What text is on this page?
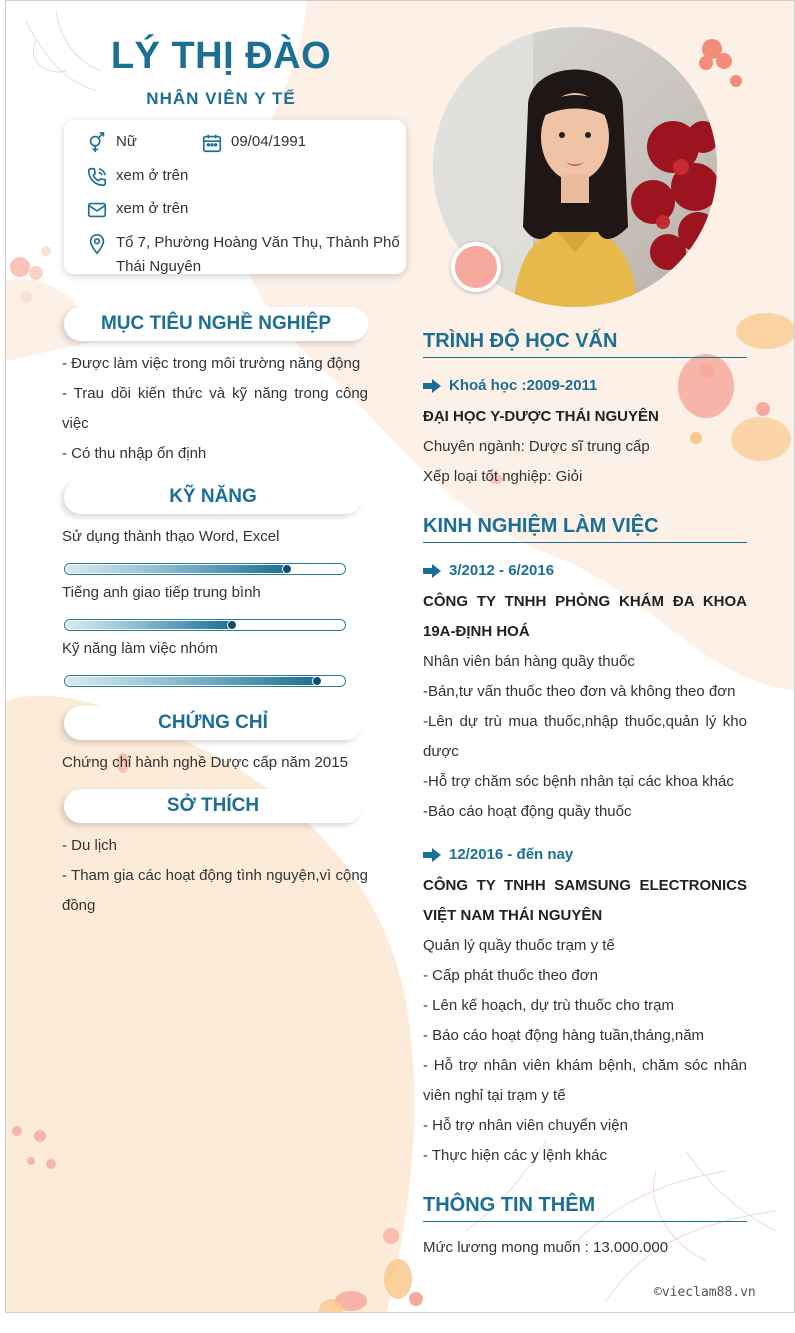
LÝ THỊ ĐÀO
NHÂN VIÊN Y TẾ
Nữ	09/04/1991
xem ở trên
xem ở trên
Tổ 7, Phường Hoàng Văn Thụ, Thành Phố Thái Nguyên
MỤC TIÊU NGHỀ NGHIỆP
- Được làm việc trong môi trường năng động
- Trau dồi kiến thức và kỹ năng trong công việc
- Có thu nhập ổn định
KỸ NĂNG
Sử dụng thành thạo Word, Excel
Tiếng anh giao tiếp trung bình
Kỹ năng làm việc nhóm
CHỨNG CHỈ
Chứng chỉ hành nghề Dược cấp năm 2015
SỞ THÍCH
- Du lịch
- Tham gia các hoạt động tình nguyện,vì cộng đồng
TRÌNH ĐỘ HỌC VẤN
Khoá học :2009-2011
ĐẠI HỌC Y-DƯỢC THÁI NGUYÊN
Chuyên ngành: Dược sĩ trung cấp
Xếp loại tốt nghiệp: Giỏi
KINH NGHIỆM LÀM VIỆC
3/2012 - 6/2016
CÔNG TY TNHH PHÒNG KHÁM ĐA KHOA 19A-ĐỊNH HOÁ
Nhân viên bán hàng quầy thuốc
-Bán,tư vấn thuốc theo đơn và không theo đơn
-Lên dự trù mua thuốc,nhập thuốc,quản lý kho dược
-Hỗ trợ chăm sóc bệnh nhân tại các khoa khác
-Báo cáo hoạt động quầy thuốc
12/2016 - đến nay
CÔNG TY TNHH SAMSUNG ELECTRONICS VIỆT NAM THÁI NGUYÊN
Quản lý quầy thuốc trạm y tế
- Cấp phát thuốc theo đơn
- Lên kế hoạch, dự trù thuốc cho trạm
- Báo cáo hoạt động hàng tuần,tháng,năm
- Hỗ trợ nhân viên khám bệnh, chăm sóc nhân viên nghỉ tại trạm y tế
- Hỗ trợ nhân viên chuyển viện
- Thực hiện các y lệnh khác
THÔNG TIN THÊM
Mức lương mong muốn : 13.000.000
©vieclam88.vn
